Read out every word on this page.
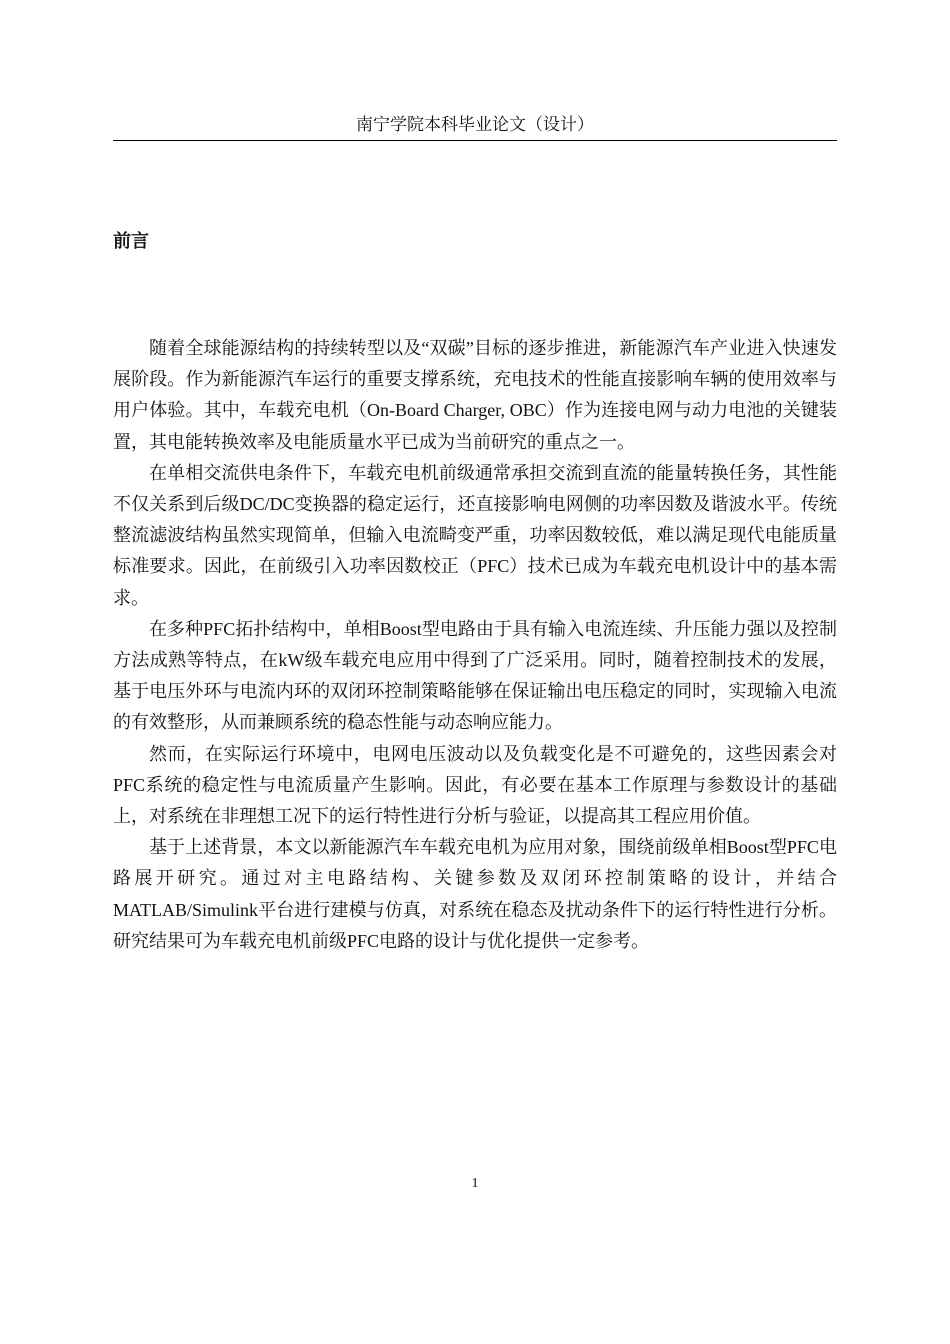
南宁学院本科毕业论文（设计）
前言

随着全球能源结构的持续转型以及“双碳”目标的逐步推进，新能源汽车产业进入快速发展阶段。作为新能源汽车运行的重要支撑系统，充电技术的性能直接影响车辆的使用效率与用户体验。其中，车载充电机（On-Board Charger, OBC）作为连接电网与动力电池的关键装置，其电能转换效率及电能质量水平已成为当前研究的重点之一。

在单相交流供电条件下，车载充电机前级通常承担交流到直流的能量转换任务，其性能不仅关系到后级DC/DC变换器的稳定运行，还直接影响电网侧的功率因数及谐波水平。传统整流滤波结构虽然实现简单，但输入电流畸变严重，功率因数较低，难以满足现代电能质量标准要求。因此，在前级引入功率因数校正（PFC）技术已成为车载充电机设计中的基本需求。

在多种PFC拓扑结构中，单相Boost型电路由于具有输入电流连续、升压能力强以及控制方法成熟等特点，在kW级车载充电应用中得到了广泛采用。同时，随着控制技术的发展，基于电压外环与电流内环的双闭环控制策略能够在保证输出电压稳定的同时，实现输入电流的有效整形，从而兼顾系统的稳态性能与动态响应能力。

然而，在实际运行环境中，电网电压波动以及负载变化是不可避免的，这些因素会对PFC系统的稳定性与电流质量产生影响。因此，有必要在基本工作原理与参数设计的基础上，对系统在非理想工况下的运行特性进行分析与验证，以提高其工程应用价值。

基于上述背景，本文以新能源汽车车载充电机为应用对象，围绕前级单相Boost型PFC电路展开研究。通过对主电路结构、关键参数及双闭环控制策略的设计，并结合MATLAB/Simulink平台进行建模与仿真，对系统在稳态及扰动条件下的运行特性进行分析。研究结果可为车载充电机前级PFC电路的设计与优化提供一定参考。

1
